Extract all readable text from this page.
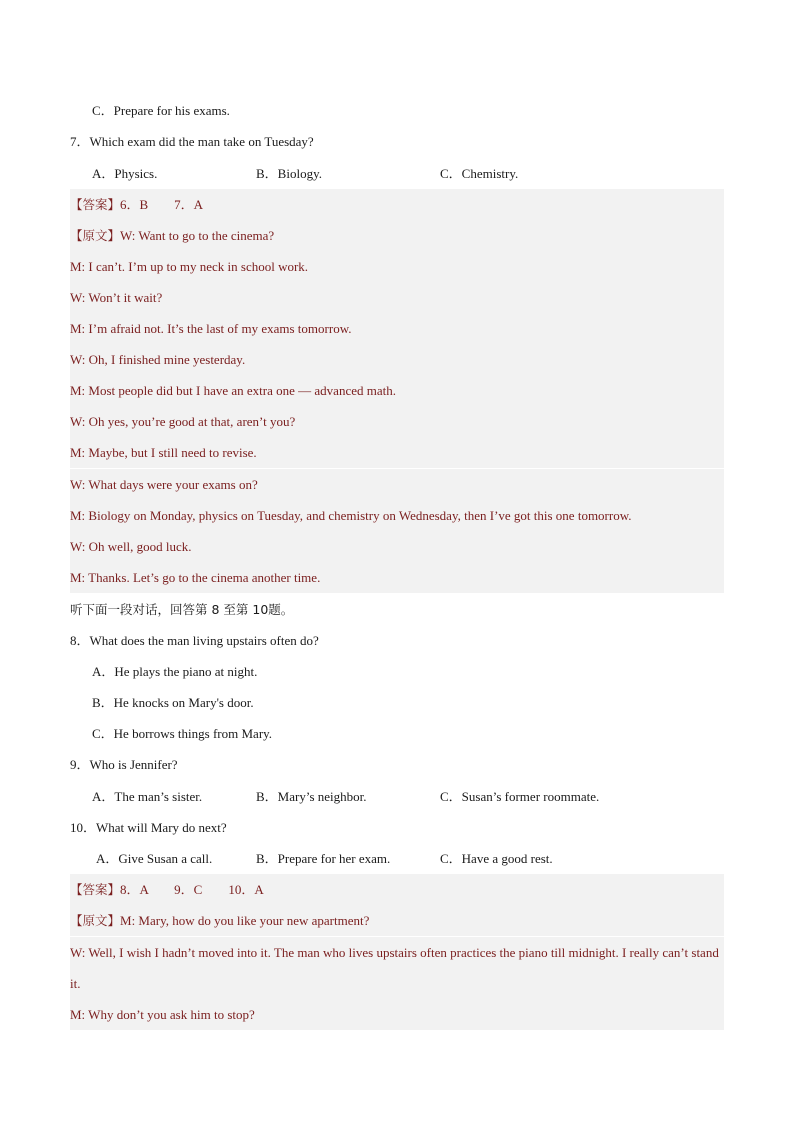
C．Prepare for his exams.
7．Which exam did the man take on Tuesday?
A．Physics.	B．Biology.	C．Chemistry.
【答案】6．B　　7．A
【原文】W: Want to go to the cinema?
M: I can’t. I’m up to my neck in school work.
W: Won’t it wait?
M: I’m afraid not. It’s the last of my exams tomorrow.
W: Oh, I finished mine yesterday.
M: Most people did but I have an extra one — advanced math.
W: Oh yes, you’re good at that, aren’t you?
M: Maybe, but I still need to revise.
W: What days were your exams on?
M: Biology on Monday, physics on Tuesday, and chemistry on Wednesday, then I’ve got this one tomorrow.
W: Oh well, good luck.
M: Thanks. Let’s go to the cinema another time.
听下面一段对话，回答第 8 至第 10题。
8．What does the man living upstairs often do?
A．He plays the piano at night.
B．He knocks on Mary's door.
C．He borrows things from Mary.
9．Who is Jennifer?
A．The man’s sister.	B．Mary’s neighbor.	C．Susan’s former roommate.
10．What will Mary do next?
A．Give Susan a call.	B．Prepare for her exam.	C．Have a good rest.
【答案】8．A　　9．C　　10．A
【原文】M: Mary, how do you like your new apartment?
W: Well, I wish I hadn’t moved into it. The man who lives upstairs often practices the piano till midnight. I really can’t stand it.
M: Why don’t you ask him to stop?
